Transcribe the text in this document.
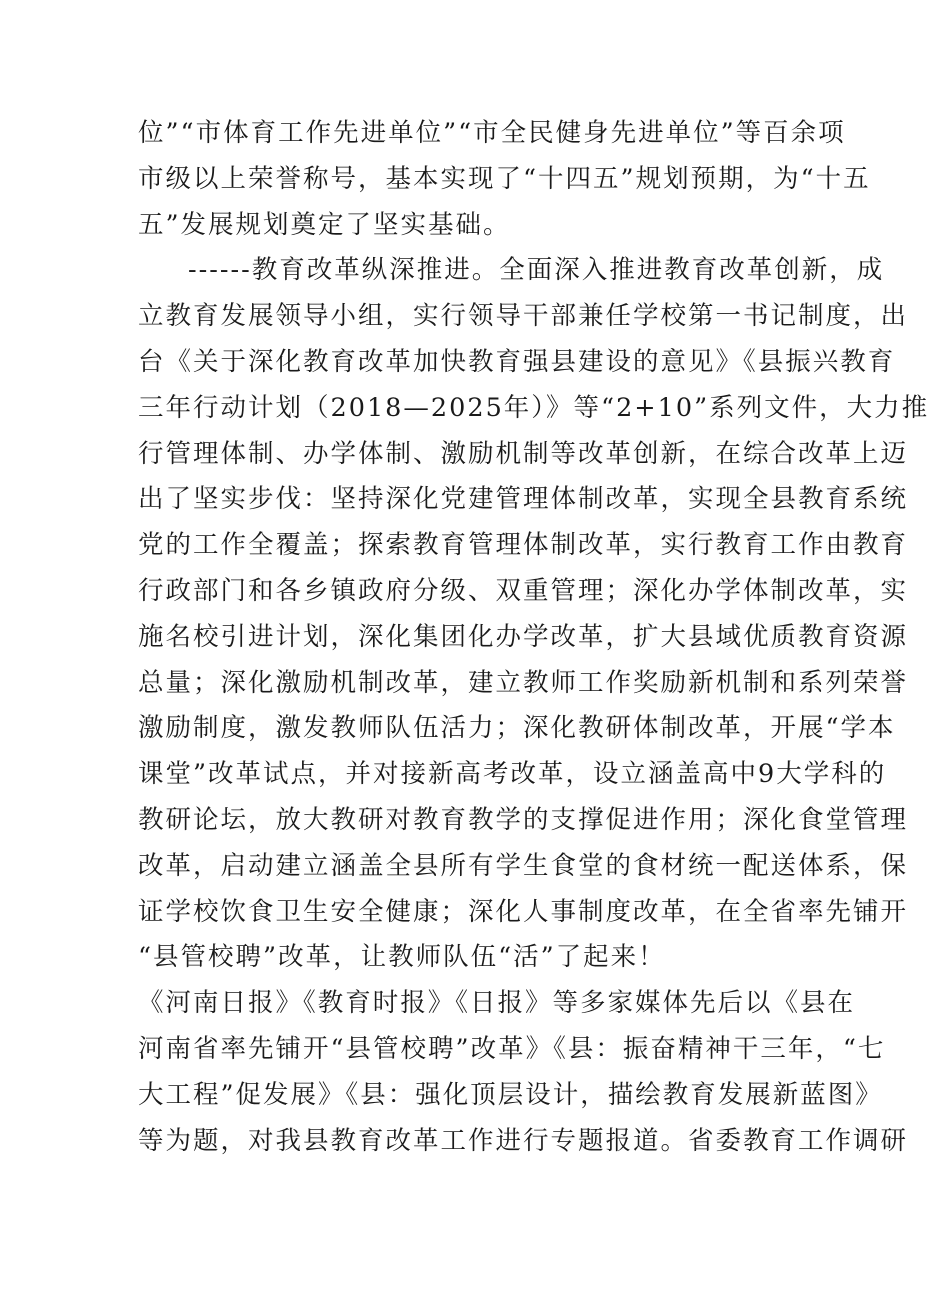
位”“市体育工作先进单位”“市全民健身先进单位”等百余项
市级以上荣誉称号，基本实现了“十四五”规划预期，为“十五
五”发展规划奠定了坚实基础。
------教育改革纵深推进。全面深入推进教育改革创新，成
立教育发展领导小组，实行领导干部兼任学校第一书记制度，出
台《关于深化教育改革加快教育强县建设的意见》《县振兴教育
三年行动计划（2018—2025年）》等“2+10”系列文件，大力推
行管理体制、办学体制、激励机制等改革创新，在综合改革上迈
出了坚实步伐：坚持深化党建管理体制改革，实现全县教育系统
党的工作全覆盖；探索教育管理体制改革，实行教育工作由教育
行政部门和各乡镇政府分级、双重管理；深化办学体制改革，实
施名校引进计划，深化集团化办学改革，扩大县域优质教育资源
总量；深化激励机制改革，建立教师工作奖励新机制和系列荣誉
激励制度，激发教师队伍活力；深化教研体制改革，开展“学本
课堂”改革试点，并对接新高考改革，设立涵盖高中9大学科的
教研论坛，放大教研对教育教学的支撑促进作用；深化食堂管理
改革，启动建立涵盖全县所有学生食堂的食材统一配送体系，保
证学校饮食卫生安全健康；深化人事制度改革，在全省率先铺开
“县管校聘”改革，让教师队伍“活”了起来！
《河南日报》《教育时报》《日报》等多家媒体先后以《县在
河南省率先铺开“县管校聘”改革》《县：振奋精神干三年，“七
大工程”促发展》《县：强化顶层设计，描绘教育发展新蓝图》
等为题，对我县教育改革工作进行专题报道。省委教育工作调研
